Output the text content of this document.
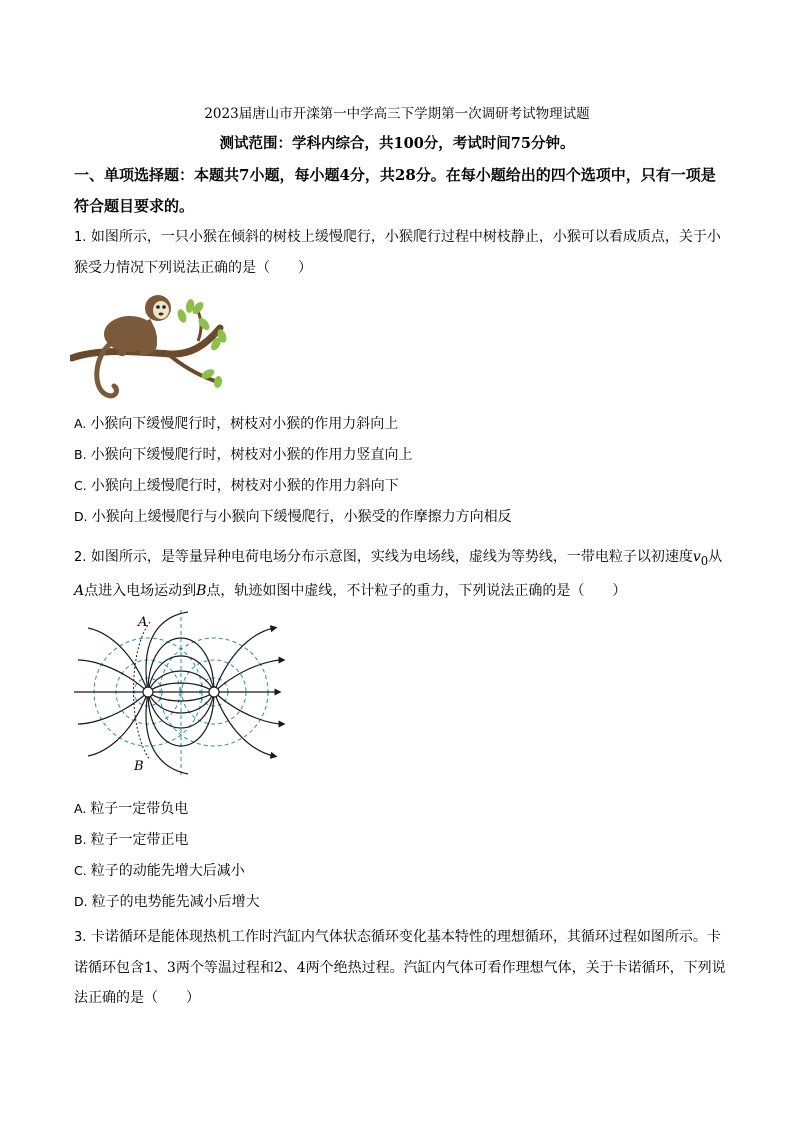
2023届唐山市开滦第一中学高三下学期第一次调研考试物理试题
测试范围：学科内综合，共100分，考试时间75分钟。
一、单项选择题：本题共7小题，每小题4分，共28分。在每小题给出的四个选项中，只有一项是符合题目要求的。
1. 如图所示，一只小猴在倾斜的树枝上缓慢爬行，小猴爬行过程中树枝静止，小猴可以看成质点，关于小猴受力情况下列说法正确的是（　　）
A. 小猴向下缓慢爬行时，树枝对小猴的作用力斜向上
B. 小猴向下缓慢爬行时，树枝对小猴的作用力竖直向上
C. 小猴向上缓慢爬行时，树枝对小猴的作用力斜向下
D. 小猴向上缓慢爬行与小猴向下缓慢爬行，小猴受的作摩擦力方向相反
2. 如图所示，是等量异种电荷电场分布示意图，实线为电场线，虚线为等势线，一带电粒子以初速度$v_0$从
A点进入电场运动到B点，轨迹如图中虚线，不计粒子的重力，下列说法正确的是（　　）
A
B
A. 粒子一定带负电
B. 粒子一定带正电
C. 粒子的动能先增大后减小
D. 粒子的电势能先减小后增大
3. 卡诺循环是能体现热机工作时汽缸内气体状态循环变化基本特性的理想循环，其循环过程如图所示。卡诺循环包含1、3两个等温过程和2、4两个绝热过程。汽缸内气体可看作理想气体，关于卡诺循环，下列说法正确的是（　　）
